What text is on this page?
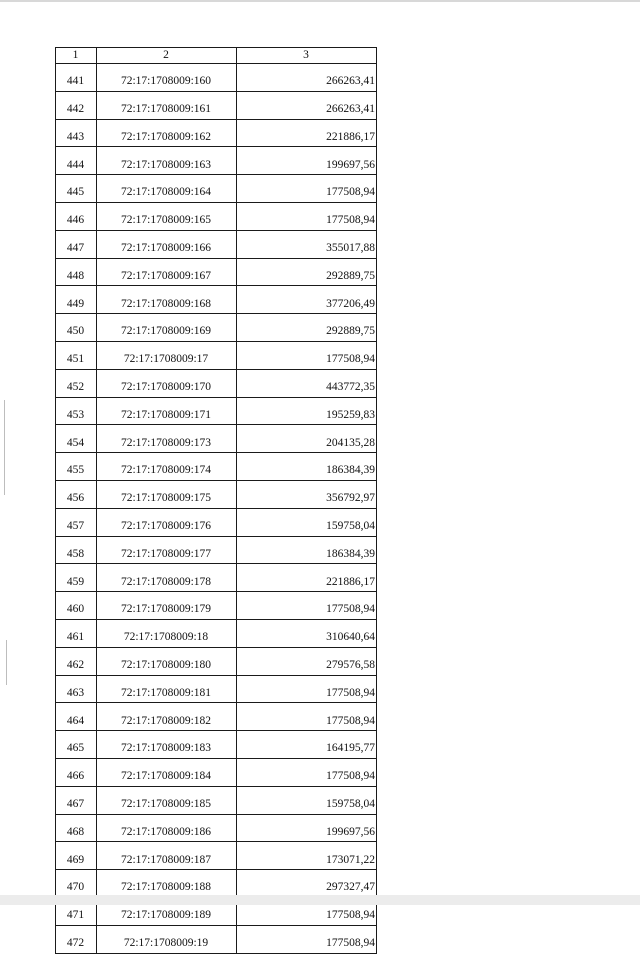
1	2	3
441	72:17:1708009:160	266263,41
442	72:17:1708009:161	266263,41
443	72:17:1708009:162	221886,17
444	72:17:1708009:163	199697,56
445	72:17:1708009:164	177508,94
446	72:17:1708009:165	177508,94
447	72:17:1708009:166	355017,88
448	72:17:1708009:167	292889,75
449	72:17:1708009:168	377206,49
450	72:17:1708009:169	292889,75
451	72:17:1708009:17	177508,94
452	72:17:1708009:170	443772,35
453	72:17:1708009:171	195259,83
454	72:17:1708009:173	204135,28
455	72:17:1708009:174	186384,39
456	72:17:1708009:175	356792,97
457	72:17:1708009:176	159758,04
458	72:17:1708009:177	186384,39
459	72:17:1708009:178	221886,17
460	72:17:1708009:179	177508,94
461	72:17:1708009:18	310640,64
462	72:17:1708009:180	279576,58
463	72:17:1708009:181	177508,94
464	72:17:1708009:182	177508,94
465	72:17:1708009:183	164195,77
466	72:17:1708009:184	177508,94
467	72:17:1708009:185	159758,04
468	72:17:1708009:186	199697,56
469	72:17:1708009:187	173071,22
470	72:17:1708009:188	297327,47
471	72:17:1708009:189	177508,94
472	72:17:1708009:19	177508,94
